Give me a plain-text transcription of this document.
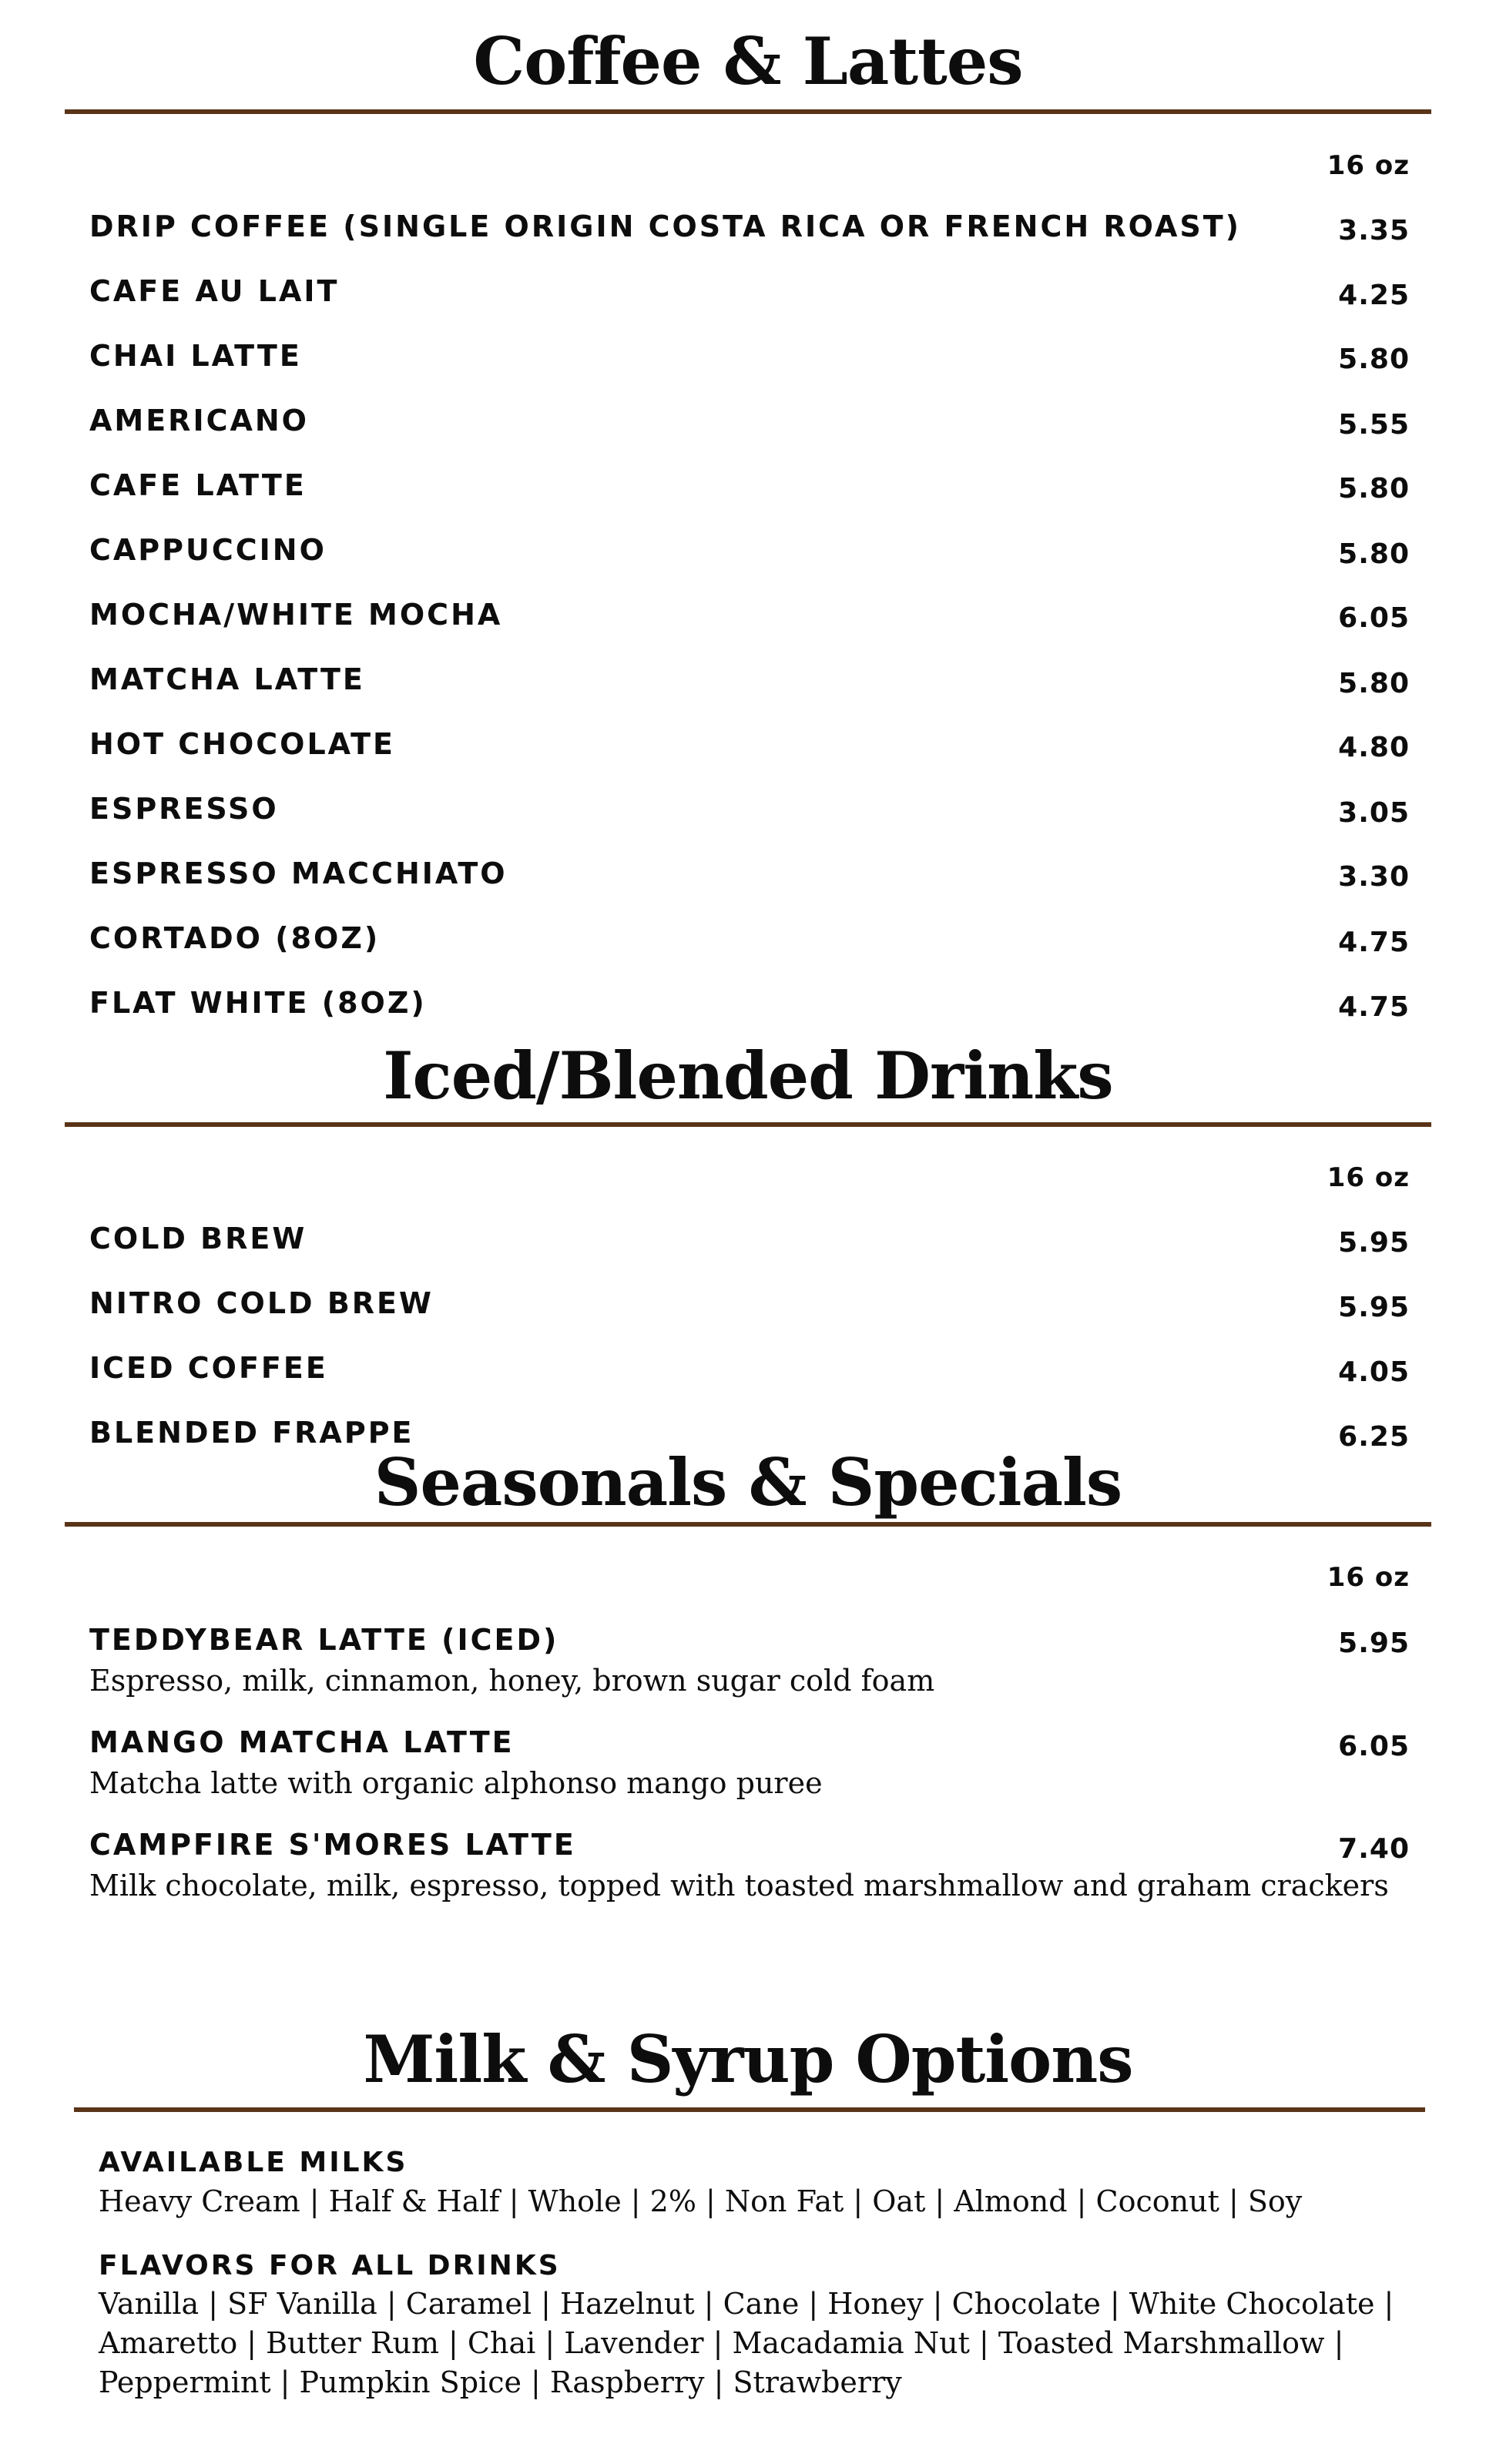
Coffee & Lattes
16 oz
DRIP COFFEE (SINGLE ORIGIN COSTA RICA OR FRENCH ROAST)	3.35
CAFE AU LAIT	4.25
CHAI LATTE	5.80
AMERICANO	5.55
CAFE LATTE	5.80
CAPPUCCINO	5.80
MOCHA/WHITE MOCHA	6.05
MATCHA LATTE	5.80
HOT CHOCOLATE	4.80
ESPRESSO	3.05
ESPRESSO MACCHIATO	3.30
CORTADO (8OZ)	4.75
FLAT WHITE (8OZ)	4.75
Iced/Blended Drinks
16 oz
COLD BREW	5.95
NITRO COLD BREW	5.95
ICED COFFEE	4.05
BLENDED FRAPPE	6.25
Seasonals & Specials
16 oz
TEDDYBEAR LATTE (ICED)	5.95
Espresso, milk, cinnamon, honey, brown sugar cold foam
MANGO MATCHA LATTE	6.05
Matcha latte with organic alphonso mango puree
CAMPFIRE S'MORES LATTE	7.40
Milk chocolate, milk, espresso, topped with toasted marshmallow and graham crackers
Milk & Syrup Options
AVAILABLE MILKS

Heavy Cream | Half & Half | Whole | 2% | Non Fat | Oat | Almond | Coconut | Soy

FLAVORS FOR ALL DRINKS

Vanilla | SF Vanilla | Caramel | Hazelnut | Cane | Honey | Chocolate | White Chocolate | Amaretto | Butter Rum | Chai | Lavender | Macadamia Nut | Toasted Marshmallow | Peppermint | Pumpkin Spice | Raspberry | Strawberry
